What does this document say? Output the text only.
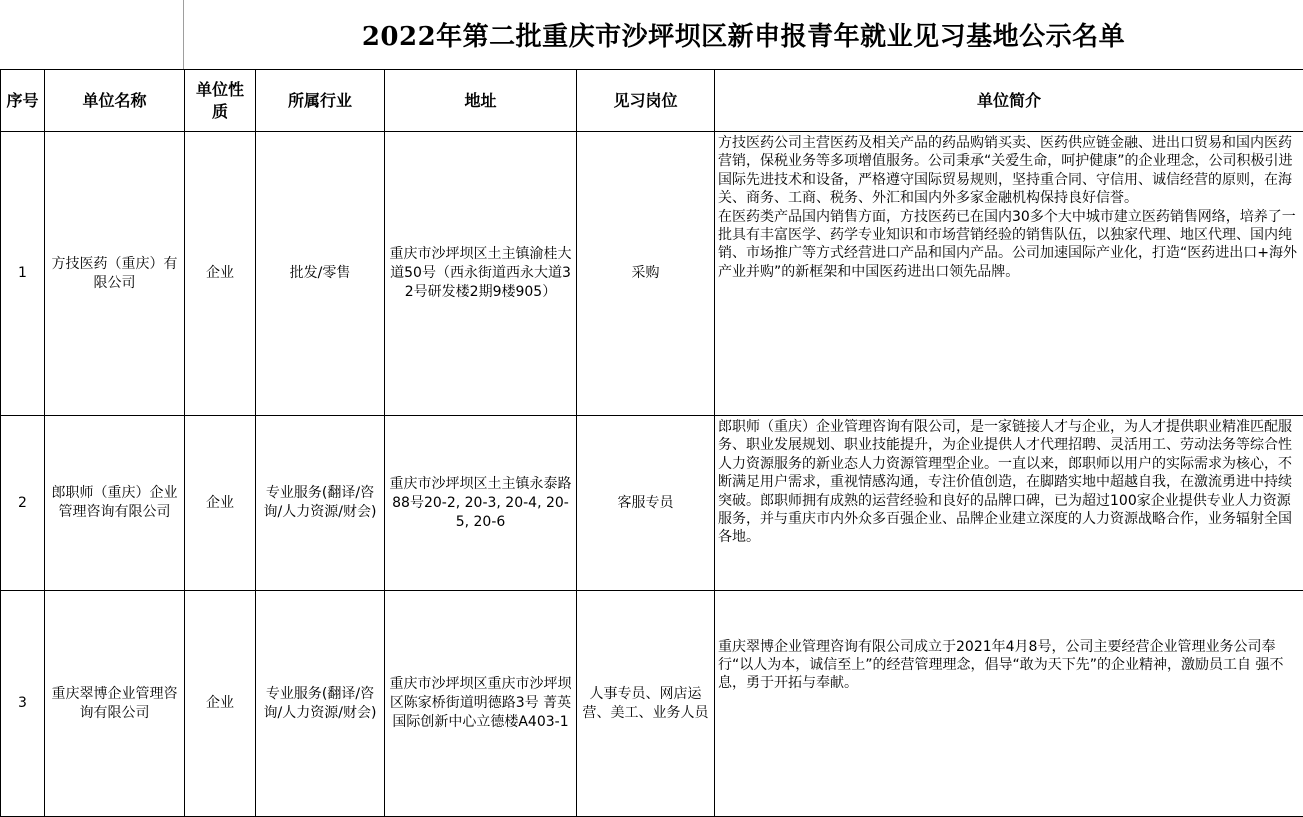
2022年第二批重庆市沙坪坝区新申报青年就业见习基地公示名单
序号	单位名称	单位性质	所属行业	地址	见习岗位	单位简介
1	方技医药（重庆）有限公司	企业	批发/零售	重庆市沙坪坝区土主镇渝桂大道50号（西永街道西永大道32号研发楼2期9楼905）	采购	方技医药公司主营医药及相关产品的药品购销买卖、医药供应链金融、进出口贸易和国内医药营销，保税业务等多项增值服务。公司秉承“关爱生命，呵护健康”的企业理念，公司积极引进国际先进技术和设备，严格遵守国际贸易规则，坚持重合同、守信用、诚信经营的原则，在海关、商务、工商、税务、外汇和国内外多家金融机构保持良好信誉。
在医药类产品国内销售方面，方技医药已在国内30多个大中城市建立医药销售网络，培养了一批具有丰富医学、药学专业知识和市场营销经验的销售队伍，以独家代理、地区代理、国内纯销、市场推广等方式经营进口产品和国内产品。公司加速国际产业化，打造“医药进出口+海外产业并购”的新框架和中国医药进出口领先品牌。
2	郎职师（重庆）企业管理咨询有限公司	企业	专业服务(翻译/咨询/人力资源/财会)	重庆市沙坪坝区土主镇永泰路88号20-2, 20-3, 20-4, 20-5, 20-6	客服专员	郎职师（重庆）企业管理咨询有限公司，是一家链接人才与企业，为人才提供职业精准匹配服务、职业发展规划、职业技能提升，为企业提供人才代理招聘、灵活用工、劳动法务等综合性人力资源服务的新业态人力资源管理型企业。一直以来，郎职师以用户的实际需求为核心，不断满足用户需求，重视情感沟通，专注价值创造，在脚踏实地中超越自我，在激流勇进中持续突破。郎职师拥有成熟的运营经验和良好的品牌口碑，已为超过100家企业提供专业人力资源服务，并与重庆市内外众多百强企业、品牌企业建立深度的人力资源战略合作，业务辐射全国各地。
3	重庆翠博企业管理咨询有限公司	企业	专业服务(翻译/咨询/人力资源/财会)	重庆市沙坪坝区重庆市沙坪坝区陈家桥街道明德路3号 菁英国际创新中心立德楼A403-1	人事专员、网店运营、美工、业务人员	重庆翠博企业管理咨询有限公司成立于2021年4月8号，公司主要经营企业管理业务公司奉 行“以人为本，诚信至上”的经营管理理念，倡导“敢为天下先”的企业精神，激励员工自 强不息，勇于开拓与奉献。
